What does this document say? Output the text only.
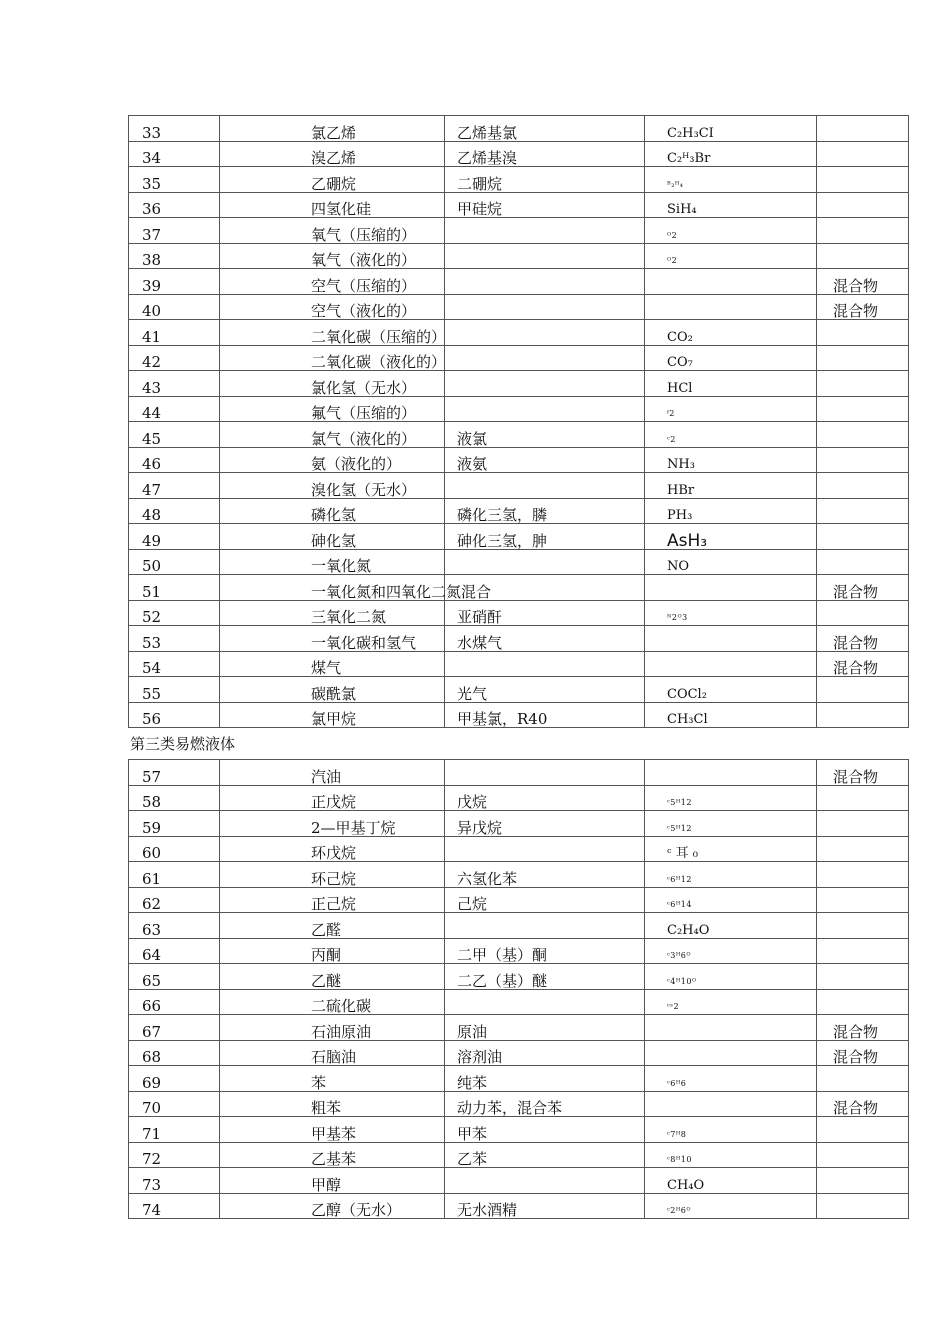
33	氯乙烯	乙烯基氯	C₂H₃CI	
34	溴乙烯	乙烯基溴	C₂ᴴ₃Br	
35	乙硼烷	二硼烷	ᴮ₂ᴴ₄	
36	四氢化硅	甲硅烷	SiH₄	
37	氧气（压缩的）		ᴼ2	
38	氧气（液化的）		ᴼ2	
39	空气（压缩的）			混合物
40	空气（液化的）			混合物
41	二氧化碳（压缩的）		CO₂	
42	二氧化碳（液化的）		CO₇	
43	氯化氢（无水）		HCl	
44	氟气（压缩的）		ᶠ2	
45	氯气（液化的）	液氯	ᶜ2	
46	氨（液化的）	液氨	NH₃	
47	溴化氢（无水）		HBr	
48	磷化氢	磷化三氢，膦	PH₃	
49	砷化氢	砷化三氢，胂	AsH₃	
50	一氧化氮		NO	
51	一氧化氮和四氧化二氮混合			混合物
52	三氧化二氮	亚硝酐	ᴺ2ᴼ3	
53	一氧化碳和氢气	水煤气		混合物
54	煤气			混合物
55	碳酰氯	光气	COCl₂	
56	氯甲烷	甲基氯，R40	CH₃Cl	
第三类易燃液体
57	汽油			混合物
58	正戊烷	戊烷	ᶜ5ᴴ12	
59	2—甲基丁烷	异戊烷	ᶜ5ᴴ12	
60	环戊烷		ᶜ 耳 ₀	
61	环己烷	六氢化苯	ᶜ6ᴴ12	
62	正己烷	己烷	ᶜ6ᴴ14	
63	乙醛		C₂H₄O	
64	丙酮	二甲（基）酮	ᶜ3ᴴ6ᴼ	
65	乙醚	二乙（基）醚	ᶜ4ᴴ10ᴼ	
66	二硫化碳		ᶜˢ2	
67	石油原油	原油		混合物
68	石脑油	溶剂油		混合物
69	苯	纯苯	ᶜ6ᴴ6	
70	粗苯	动力苯，混合苯		混合物
71	甲基苯	甲苯	ᶜ7ᴴ8	
72	乙基苯	乙苯	ᶜ8ᴴ10	
73	甲醇		CH₄O	
74	乙醇（无水）	无水酒精	ᶜ2ᴴ6ᴼ	
